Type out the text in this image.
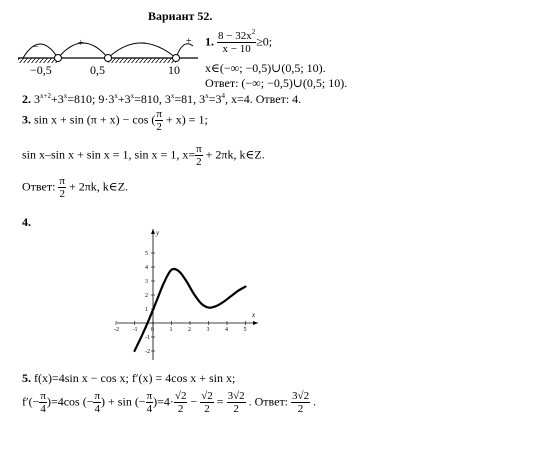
Вариант 52.
−	+	−	+
−0,5	0,5	10
1. $\frac{8 - 32x^2}{x - 10} \ge 0$;
x∈(−∞; −0,5)∪(0,5; 10).
Ответ: (−∞; −0,5)∪(0,5; 10).
2. $3^{x+2}+3^x=810$; $9\cdot 3^x+3^x=810$, $3^x=81$, $3^x=3^4$, x=4. Ответ: 4.
3. sin x + sin (π + x) − cos ( $\frac{\pi}{2} + x) = 1$;
sin x–sin x + sin x = 1, sin x = 1, $x= \frac{\pi}{2} + 2\pi k$, k∈Z.
Ответ: $\frac{\pi}{2} + 2\pi k$, k∈Z.
4.
y
x
-2 -1 0	1	2	3	4	5
5
4
3
2
1
-1
-2
5. f(x)=4sin x − cos x; f′(x) = 4cos x + sin x;
$f'(- \frac{\pi}{4} )=4\cos$ (− $\frac{\pi}{4}$ ) + sin (− $\frac{\pi}{4} )=4\cdot \frac{√2}{2} - \frac{√2}{2} = \frac{3√2}{2}$ . Ответ: $\frac{3√2}{2}$ .
